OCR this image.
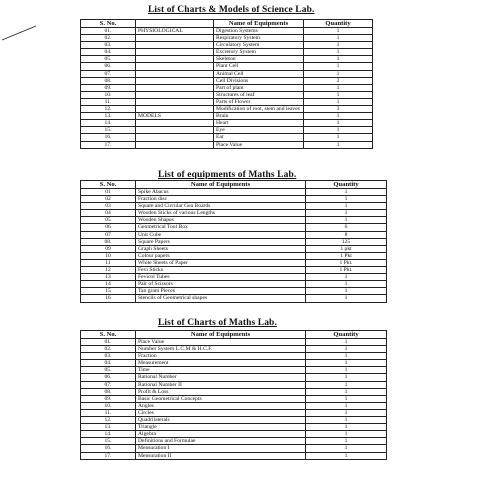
List of Charts & Models of Science Lab.
S. No.		Name of Equipments	Quantity
01.	PHYSIOLOGICAL	Digestion Systems	1
02.		Respiratory System	1
03.		Circulatory System	1
04.		Excretory System	1
05.		Skeleton	1
06.		Plant Cell	1
07.		Animal Cell	1
08.		Cell Divisions	2
09.		Part of plant	1
10.		Structures of leaf	1
11.		Parts of Flower	1
12.		Modification of root, stem and leaves	3
13.	MODELS	Brain	1
14.		Heart	1
15.		Eye	1
16.		Ear	1
17.		Place Value	1
List of equipments of Maths Lab.
S. No.	Name of Equipments	Quantity
01	Spike Abacus	1
02	Fraction disc	1
03	Square and Circular Gea Boards	1
04	Wooden Sticks of various Lengths	1
05	Wooden Shapes	1
06	Geometrical Tool Box	6
07	Unit Cube	8
08.	Square Papers	125
09	Graph Sheets	1 pkt
10	Colour papers	1 Pkt
11	White Sheets of Paper	1 Pkt.
12	Fevi Sticks	1 Pkt.
13	Fevicol Tubes	1
14	Pair of Scissors	1
15	Tan gram Pieces	1
16	Stencils of Geometrical shapes	1
List of Charts of Maths Lab.
S. No.	Name of Equipments	Quantity
01.	Place Value	1
02.	Number System L.C.M & H.C.F.	1
03.	Fraction	1
04.	Measurement	1
05.	Time	1
06.	Rational Number	1
07.	Rational Number II	1
08.	Profit & Loss	1
09.	Basic Geometrical Concepts	1
10.	Angles	1
11.	Circles	1
12.	Quadrilaterals	1
13.	Triangle	1
14.	Algebra	1
15.	Definitions and Formulae	1
16.	Mensuration I	1
17.	Mensuration II	1
